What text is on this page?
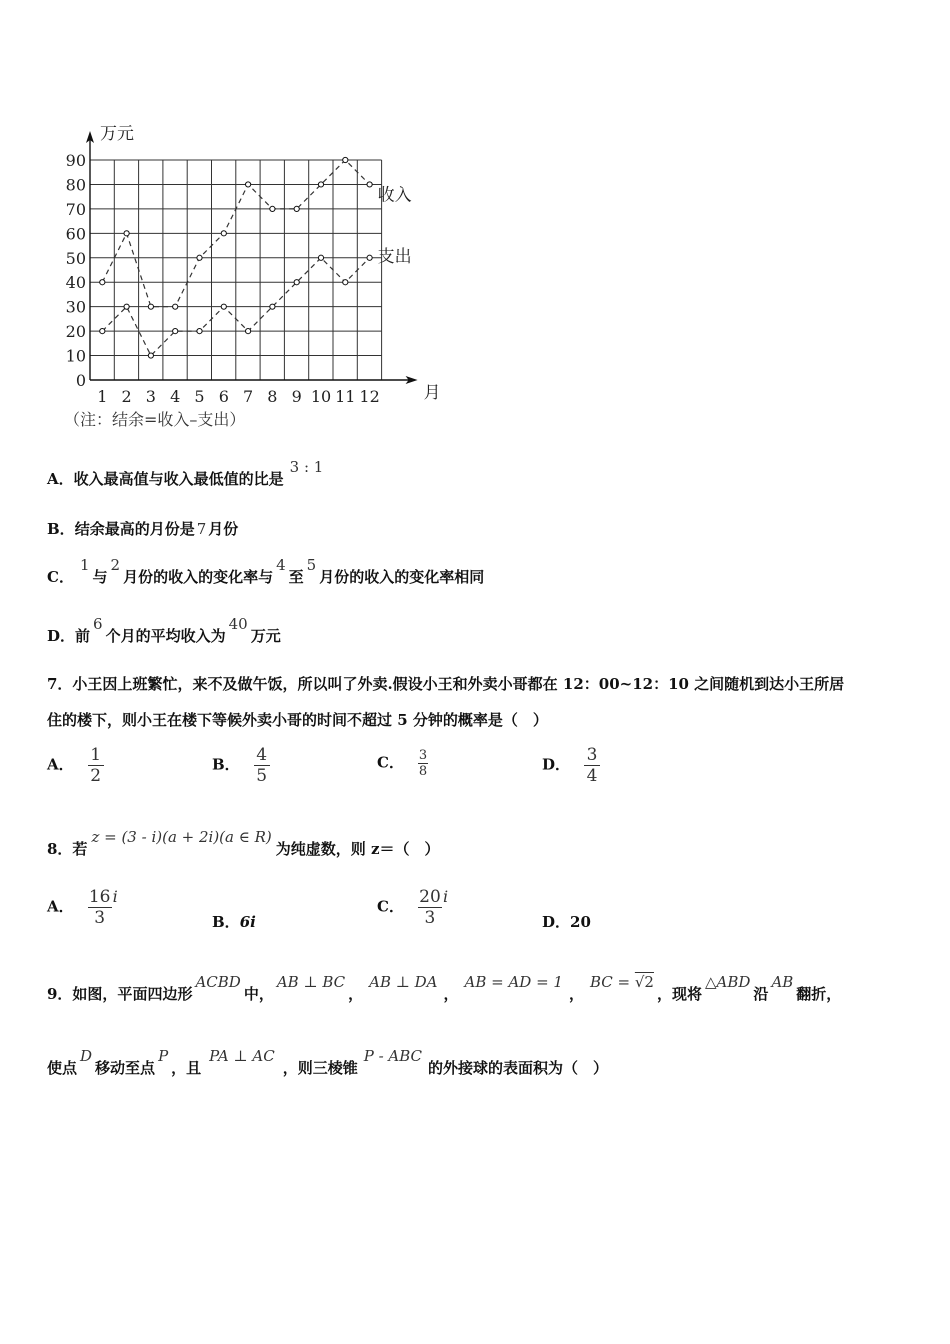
0
10
20
30
40
50
60
70
80
90
1 2 3 4 5 6 7 8 9 10 11 12
万元
月
收入
支出
（注：结余=收入–支出）
A．收入最高值与收入最低值的比是3 : 1
B．结余最高的月份是 7 月份
C．1与2月份的收入的变化率与4至5月份的收入的变化率相同
D．前6个月的平均收入为40万元
7．小王因上班繁忙，来不及做午饭，所以叫了外卖.假设小王和外卖小哥都在 12：00~12：10 之间随机到达小王所居
住的楼下，则小王在楼下等候外卖小哥的时间不超过 5 分钟的概率是（　）
A． $\frac{1}{2}$	B． $\frac{4}{5}$	C． $\frac{3}{8}$	D． $\frac{3}{4}$
8．若z = (3 - i)(a + 2i)(a ∈ R)为纯虚数，则 z＝（　）
A． $\frac{16}{3}$ i
B．6i
C． $\frac{20}{3}$ i
D．20
9．如图，平面四边形ACBD中，AB ⊥ BC，AB ⊥ DA，AB = AD = 1，BC = √2，现将△ABD沿AB翻折，
使点D移动至点P，且PA ⊥ AC，则三棱锥P - ABC的外接球的表面积为（　）
